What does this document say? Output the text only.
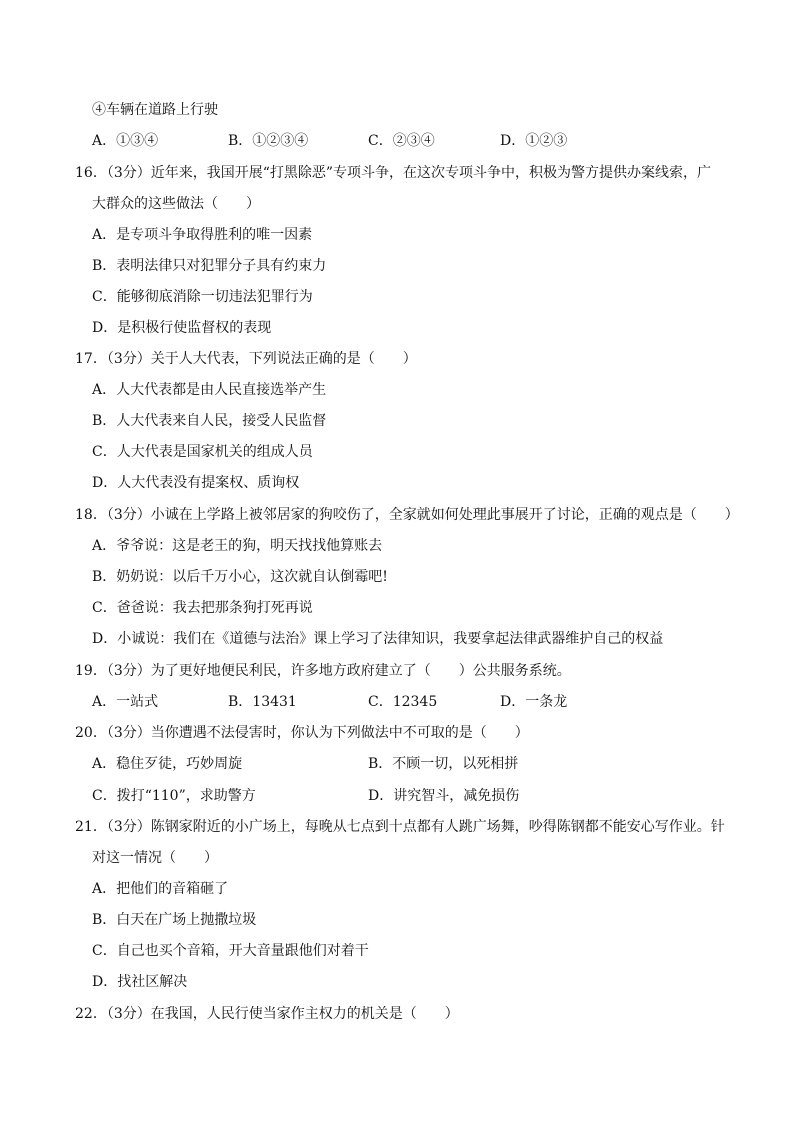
④车辆在道路上行驶
A．①③④	B．①②③④	C．②③④	D．①②③
16．（3分）近年来，我国开展“打黑除恶”专项斗争，在这次专项斗争中，积极为警方提供办案线索，广
大群众的这些做法（　　）
A．是专项斗争取得胜利的唯一因素
B．表明法律只对犯罪分子具有约束力
C．能够彻底消除一切违法犯罪行为
D．是积极行使监督权的表现
17．（3分）关于人大代表，下列说法正确的是（　　）
A．人大代表都是由人民直接选举产生
B．人大代表来自人民，接受人民监督
C．人大代表是国家机关的组成人员
D．人大代表没有提案权、质询权
18．（3分）小诚在上学路上被邻居家的狗咬伤了，全家就如何处理此事展开了讨论，正确的观点是（　　）
A．爷爷说：这是老王的狗，明天找找他算账去
B．奶奶说：以后千万小心，这次就自认倒霉吧!
C．爸爸说：我去把那条狗打死再说
D．小诚说：我们在《道德与法治》课上学习了法律知识，我要拿起法律武器维护自己的权益
19．（3分）为了更好地便民利民，许多地方政府建立了（　　）公共服务系统。
A．一站式	B．13431	C．12345	D．一条龙
20．（3分）当你遭遇不法侵害时，你认为下列做法中不可取的是（　　）
A．稳住歹徒，巧妙周旋	B．不顾一切，以死相拼
C．拨打“110”，求助警方	D．讲究智斗，减免损伤
21．（3分）陈钢家附近的小广场上，每晚从七点到十点都有人跳广场舞，吵得陈钢都不能安心写作业。针
对这一情况（　　）
A．把他们的音箱砸了
B．白天在广场上抛撒垃圾
C．自己也买个音箱，开大音量跟他们对着干
D．找社区解决
22．（3分）在我国，人民行使当家作主权力的机关是（　　）
